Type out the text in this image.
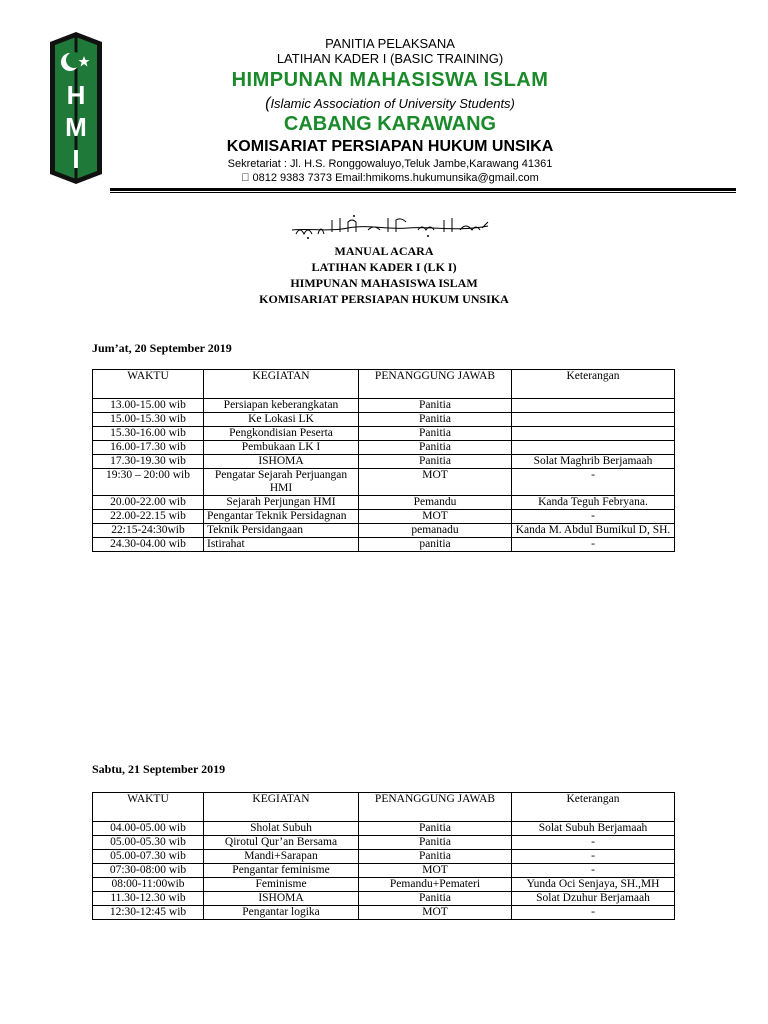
H
M
I
PANITIA PELAKSANA
LATIHAN KADER I (BASIC TRAINING)
HIMPUNAN MAHASISWA ISLAM
(Islamic Association of University Students)
CABANG KARAWANG
KOMISARIAT PERSIAPAN HUKUM UNSIKA
Sekretariat : Jl. H.S. Ronggowaluyo,Teluk Jambe,Karawang 41361
  0812 9383 7373 Email:hmikoms.hukumunsika@gmail.com
MANUAL ACARA
LATIHAN KADER I (LK I)
HIMPUNAN MAHASISWA ISLAM
KOMISARIAT PERSIAPAN HUKUM UNSIKA
Jum’at, 20 September 2019
WAKTU	KEGIATAN	PENANGGUNG JAWAB	Keterangan
13.00-15.00 wib	Persiapan keberangkatan	Panitia	
15.00-15.30 wib	Ke Lokasi LK	Panitia	
15.30-16.00 wib	Pengkondisian Peserta	Panitia	
16.00-17.30 wib	Pembukaan LK I	Panitia	
17.30-19.30 wib	ISHOMA	Panitia	Solat Maghrib Berjamaah
19:30 – 20:00 wib	Pengatar Sejarah Perjuangan HMI	MOT	-
20.00-22.00 wib	Sejarah Perjungan HMI	Pemandu	Kanda Teguh Febryana.
22.00-22.15 wib	Pengantar Teknik Persidagnan	MOT	-
22:15-24:30wib	Teknik Persidangaan	pemanadu	Kanda M. Abdul Bumikul D, SH.
24.30-04.00 wib	Istirahat	panitia	-
Sabtu, 21 September 2019
WAKTU	KEGIATAN	PENANGGUNG JAWAB	Keterangan
04.00-05.00 wib	Sholat Subuh	Panitia	Solat Subuh Berjamaah
05.00-05.30 wib	Qirotul Qur’an Bersama	Panitia	-
05.00-07.30 wib	Mandi+Sarapan	Panitia	-
07:30-08:00 wib	Pengantar feminisme	MOT	-
08:00-11:00wib	Feminisme	Pemandu+Pemateri	Yunda Oci Senjaya, SH.,MH
11.30-12.30 wib	ISHOMA	Panitia	Solat Dzuhur Berjamaah
12:30-12:45 wib	Pengantar logika	MOT	-
